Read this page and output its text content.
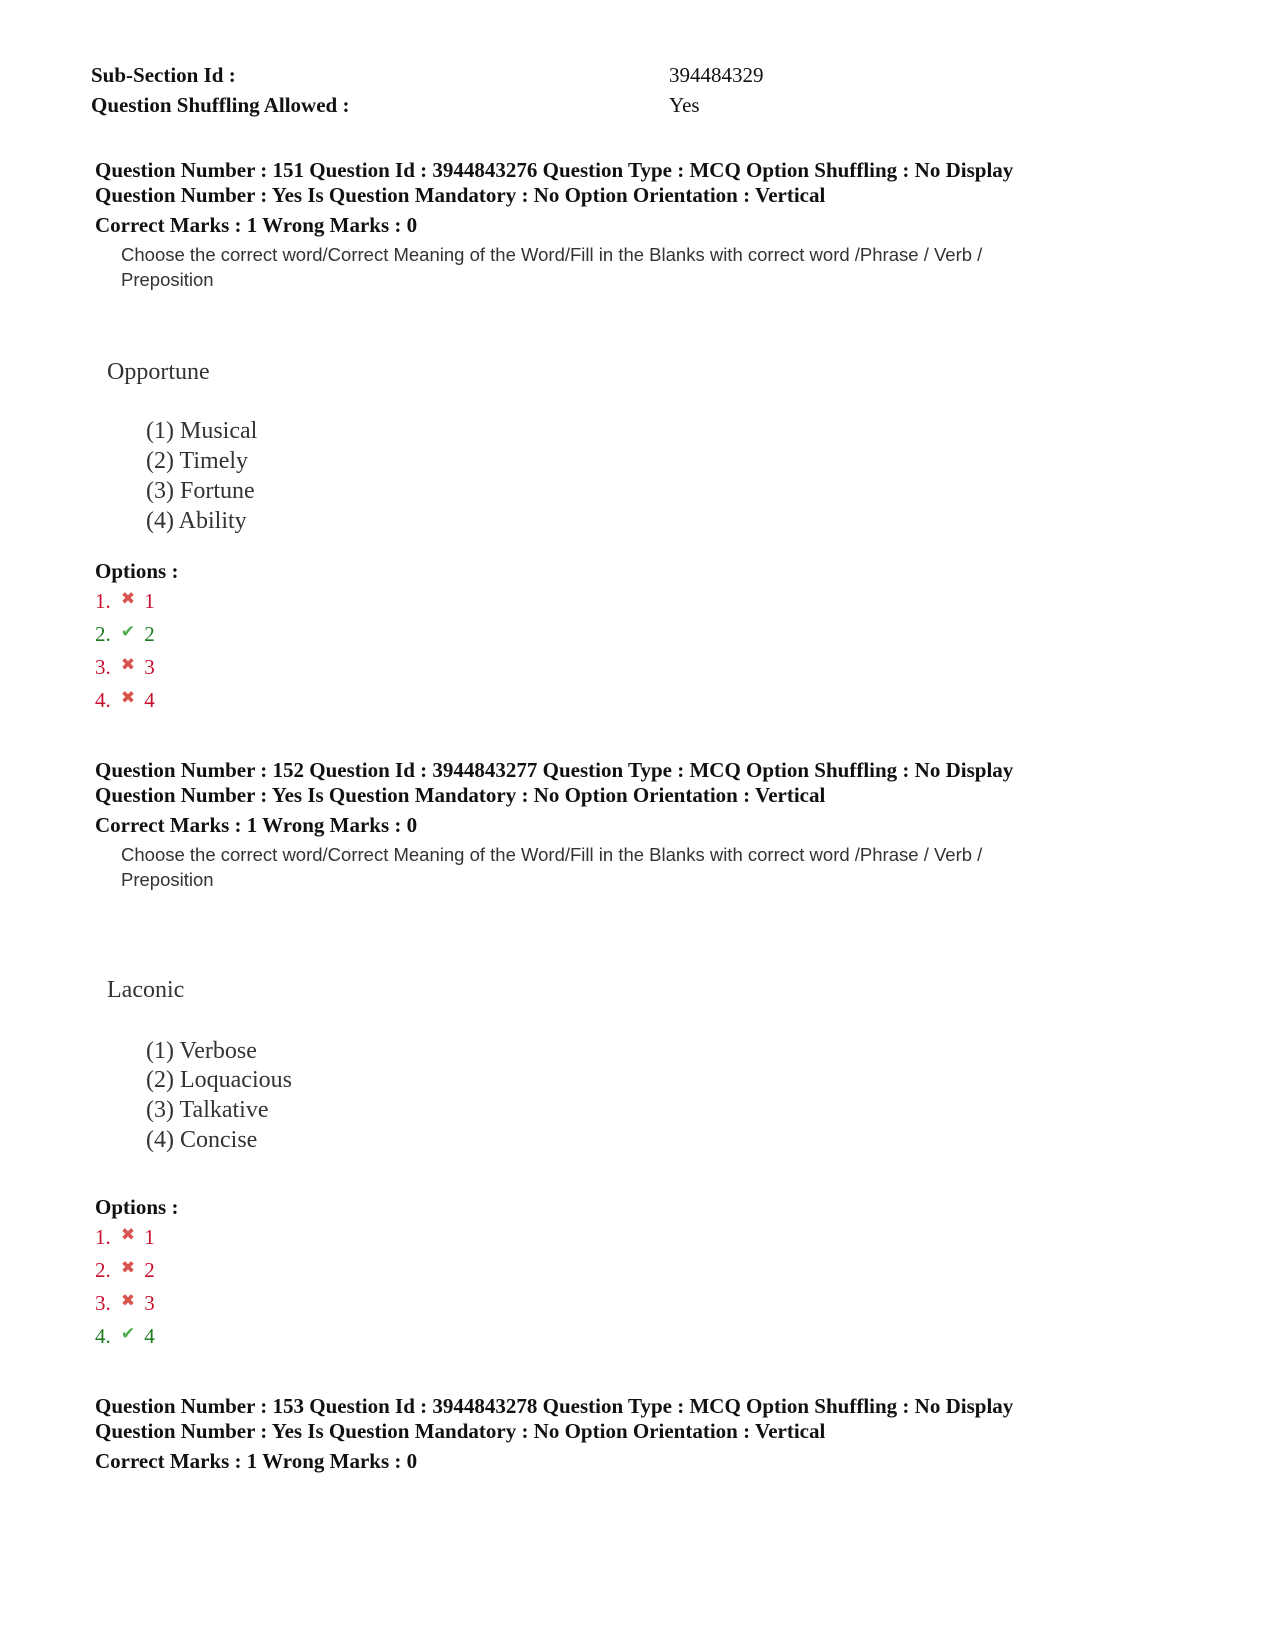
Sub-Section Id :	394484329
Question Shuffling Allowed :	Yes
Question Number : 151 Question Id : 3944843276 Question Type : MCQ Option Shuffling : No Display
Question Number : Yes Is Question Mandatory : No Option Orientation : Vertical
Correct Marks : 1 Wrong Marks : 0
Choose the correct word/Correct Meaning of the Word/Fill in the Blanks with correct word /Phrase / Verb /
Preposition
Opportune
(1) Musical
(2) Timely
(3) Fortune
(4) Ability
Options :
1. ✖ 1
2. ✔ 2
3. ✖ 3
4. ✖ 4
Question Number : 152 Question Id : 3944843277 Question Type : MCQ Option Shuffling : No Display
Question Number : Yes Is Question Mandatory : No Option Orientation : Vertical
Correct Marks : 1 Wrong Marks : 0
Choose the correct word/Correct Meaning of the Word/Fill in the Blanks with correct word /Phrase / Verb /
Preposition
Laconic
(1) Verbose
(2) Loquacious
(3) Talkative
(4) Concise
Options :
1. ✖ 1
2. ✖ 2
3. ✖ 3
4. ✔ 4
Question Number : 153 Question Id : 3944843278 Question Type : MCQ Option Shuffling : No Display
Question Number : Yes Is Question Mandatory : No Option Orientation : Vertical
Correct Marks : 1 Wrong Marks : 0
